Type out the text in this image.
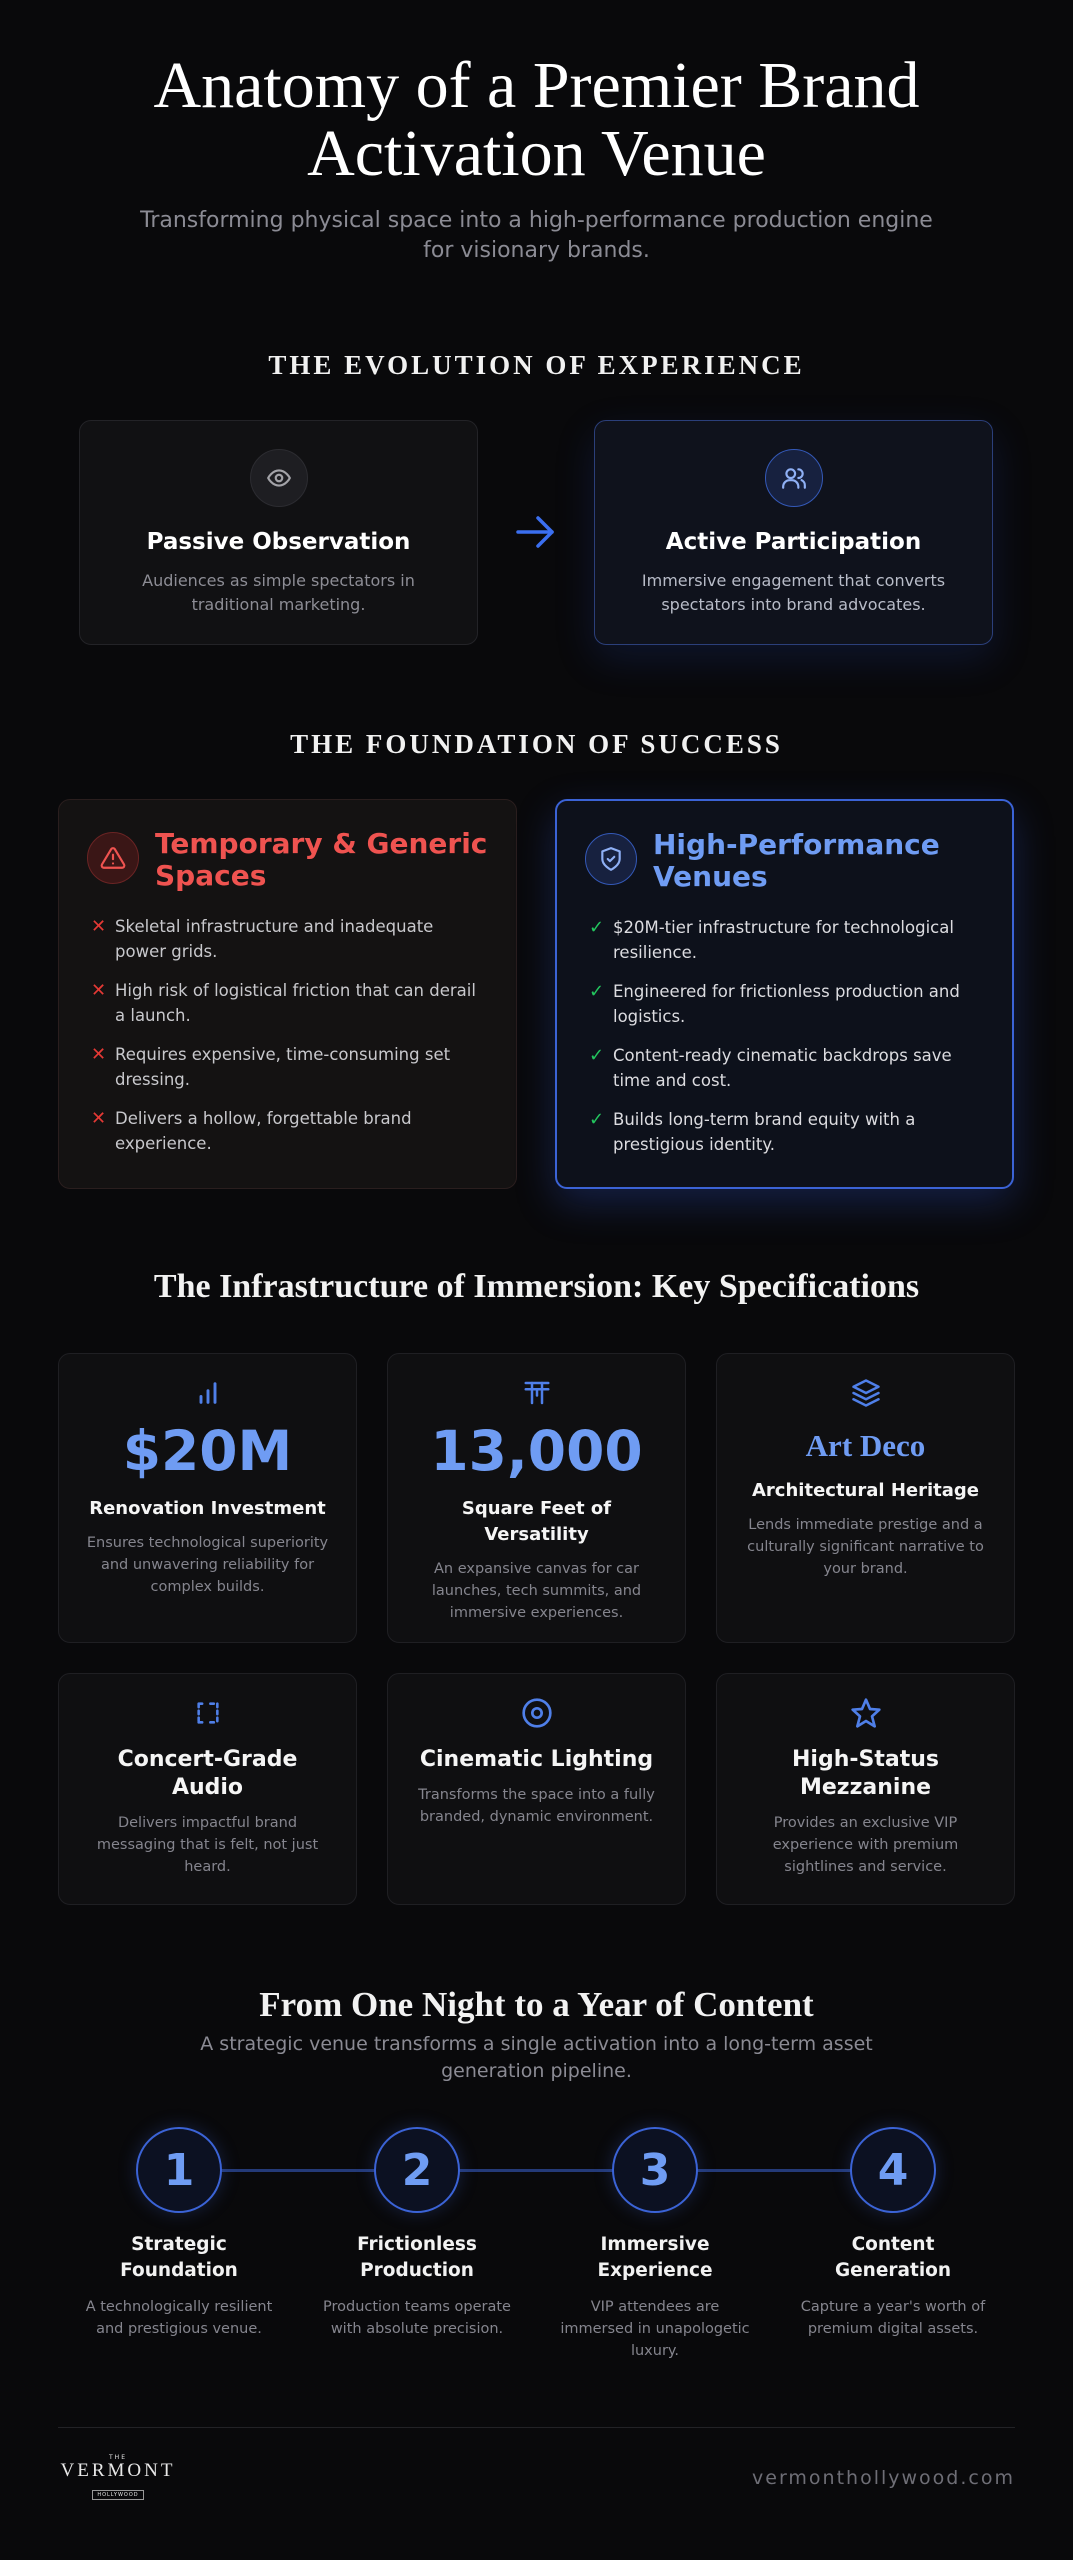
Anatomy of a Premier Brand
Activation Venue

Transforming physical space into a high-performance production engine for visionary brands.

THE EVOLUTION OF EXPERIENCE
Passive Observation

Audiences as simple spectators in traditional marketing.

Active Participation

Immersive engagement that converts spectators into brand advocates.

THE FOUNDATION OF SUCCESS
Temporary & Generic Spaces
✕ Skeletal infrastructure and inadequate power grids.
✕ High risk of logistical friction that can derail a launch.
✕ Requires expensive, time-consuming set dressing.
✕ Delivers a hollow, forgettable brand experience.
High-Performance Venues
✓ $20M-tier infrastructure for technological resilience.
✓ Engineered for frictionless production and logistics.
✓ Content-ready cinematic backdrops save time and cost.
✓ Builds long-term brand equity with a prestigious identity.
The Infrastructure of Immersion: Key Specifications
$20M
Renovation Investment
Ensures technological superiority and unwavering reliability for complex builds.
13,000
Square Feet of Versatility
An expansive canvas for car launches, tech summits, and immersive experiences.
Art Deco
Architectural Heritage
Lends immediate prestige and a culturally significant narrative to your brand.
Concert-Grade Audio
Delivers impactful brand messaging that is felt, not just heard.
Cinematic Lighting
Transforms the space into a fully branded, dynamic environment.
High-Status Mezzanine
Provides an exclusive VIP experience with premium sightlines and service.
From One Night to a Year of Content

A strategic venue transforms a single activation into a long-term asset generation pipeline.

1	2	3	4
Strategic Foundation

A technologically resilient and prestigious venue.

Frictionless Production

Production teams operate with absolute precision.

Immersive Experience

VIP attendees are immersed in unapologetic luxury.

Content Generation

Capture a year's worth of premium digital assets.

THE
VERMONT
HOLLYWOOD
vermonthollywood.com
